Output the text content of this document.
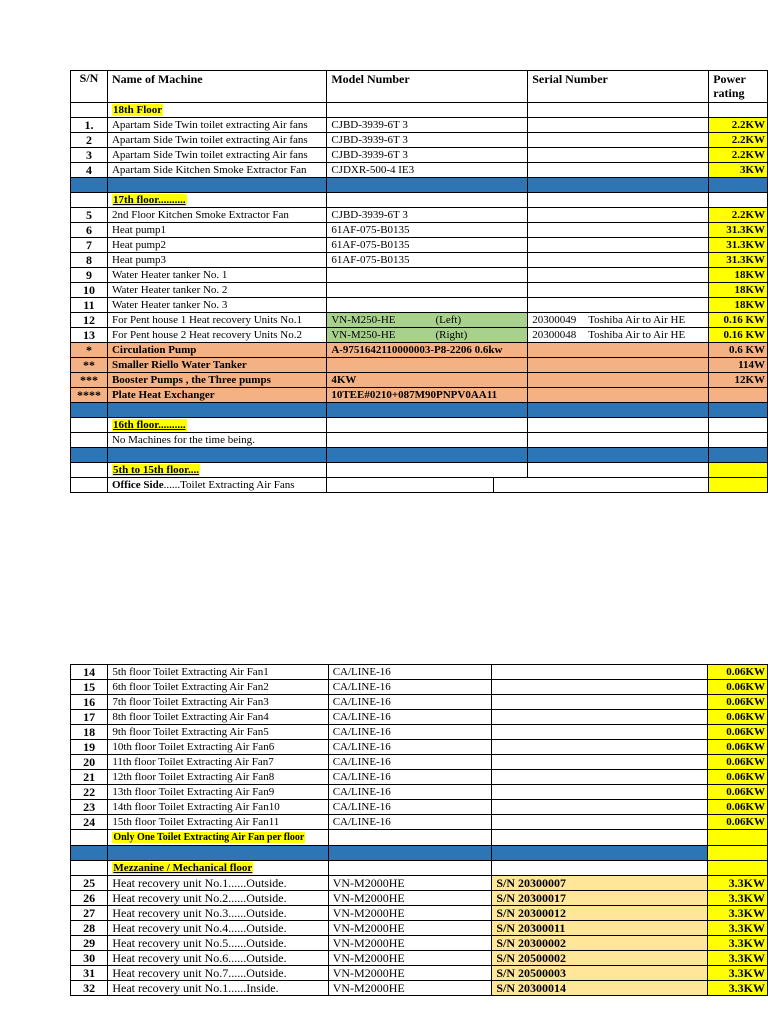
S/N	Name of Machine	Model Number	Serial Number	Power
rating
	18th Floor			
1.	Apartam Side Twin toilet extracting Air fans	CJBD-3939-6T 3		2.2KW
2	Apartam Side Twin toilet extracting Air fans	CJBD-3939-6T 3		2.2KW
3	Apartam Side Twin toilet extracting Air fans	CJBD-3939-6T 3		2.2KW
4	Apartam Side Kitchen Smoke Extractor Fan	CJDXR-500-4 IE3		3KW

	17th floor..........			
5	2nd Floor Kitchen Smoke Extractor Fan	CJBD-3939-6T 3		2.2KW
6	Heat pump1	61AF-075-B0135		31.3KW
7	Heat pump2	61AF-075-B0135		31.3KW
8	Heat pump3	61AF-075-B0135		31.3KW
9	Water Heater tanker No. 1			18KW
10	Water Heater tanker No. 2			18KW
11	Water Heater tanker No. 3			18KW
12	For Pent house 1 Heat recovery Units No.1	VN-M250-HE (Left)	20300049 Toshiba Air to Air HE	0.16 KW
13	For Pent house 2 Heat recovery Units No.2	VN-M250-HE (Right)	20300048 Toshiba Air to Air HE	0.16 KW
*	Circulation Pump	A-9751642110000003-P8-2206 0.6kw		0.6 KW
**	Smaller Riello Water Tanker			114W
***	Booster Pumps , the Three pumps	4KW		12KW
****	Plate Heat Exchanger	10TEE#0210+087M90PNPV0AA11		

	16th floor..........			
	No Machines for the time being.			

	5th to 15th floor....			
	Office Side......Toilet Extracting Air Fans		

14	5th floor Toilet Extracting Air Fan1	CA/LINE-16		0.06KW
15	6th floor Toilet Extracting Air Fan2	CA/LINE-16		0.06KW
16	7th floor Toilet Extracting Air Fan3	CA/LINE-16		0.06KW
17	8th floor Toilet Extracting Air Fan4	CA/LINE-16		0.06KW
18	9th floor Toilet Extracting Air Fan5	CA/LINE-16		0.06KW
19	10th floor Toilet Extracting Air Fan6	CA/LINE-16		0.06KW
20	11th floor Toilet Extracting Air Fan7	CA/LINE-16		0.06KW
21	12th floor Toilet Extracting Air Fan8	CA/LINE-16		0.06KW
22	13th floor Toilet Extracting Air Fan9	CA/LINE-16		0.06KW
23	14th floor Toilet Extracting Air Fan10	CA/LINE-16		0.06KW
24	15th floor Toilet Extracting Air Fan11	CA/LINE-16		0.06KW
	Only One Toilet Extracting Air Fan per floor			

	Mezzanine / Mechanical floor			
25	Heat recovery unit No.1......Outside.	VN-M2000HE	S/N 20300007	3.3KW
26	Heat recovery unit No.2......Outside.	VN-M2000HE	S/N 20300017	3.3KW
27	Heat recovery unit No.3......Outside.	VN-M2000HE	S/N 20300012	3.3KW
28	Heat recovery unit No.4......Outside.	VN-M2000HE	S/N 20300011	3.3KW
29	Heat recovery unit No.5......Outside.	VN-M2000HE	S/N 20300002	3.3KW
30	Heat recovery unit No.6......Outside.	VN-M2000HE	S/N 20500002	3.3KW
31	Heat recovery unit No.7......Outside.	VN-M2000HE	S/N 20500003	3.3KW
32	Heat recovery unit No.1......Inside.	VN-M2000HE	S/N 20300014	3.3KW
